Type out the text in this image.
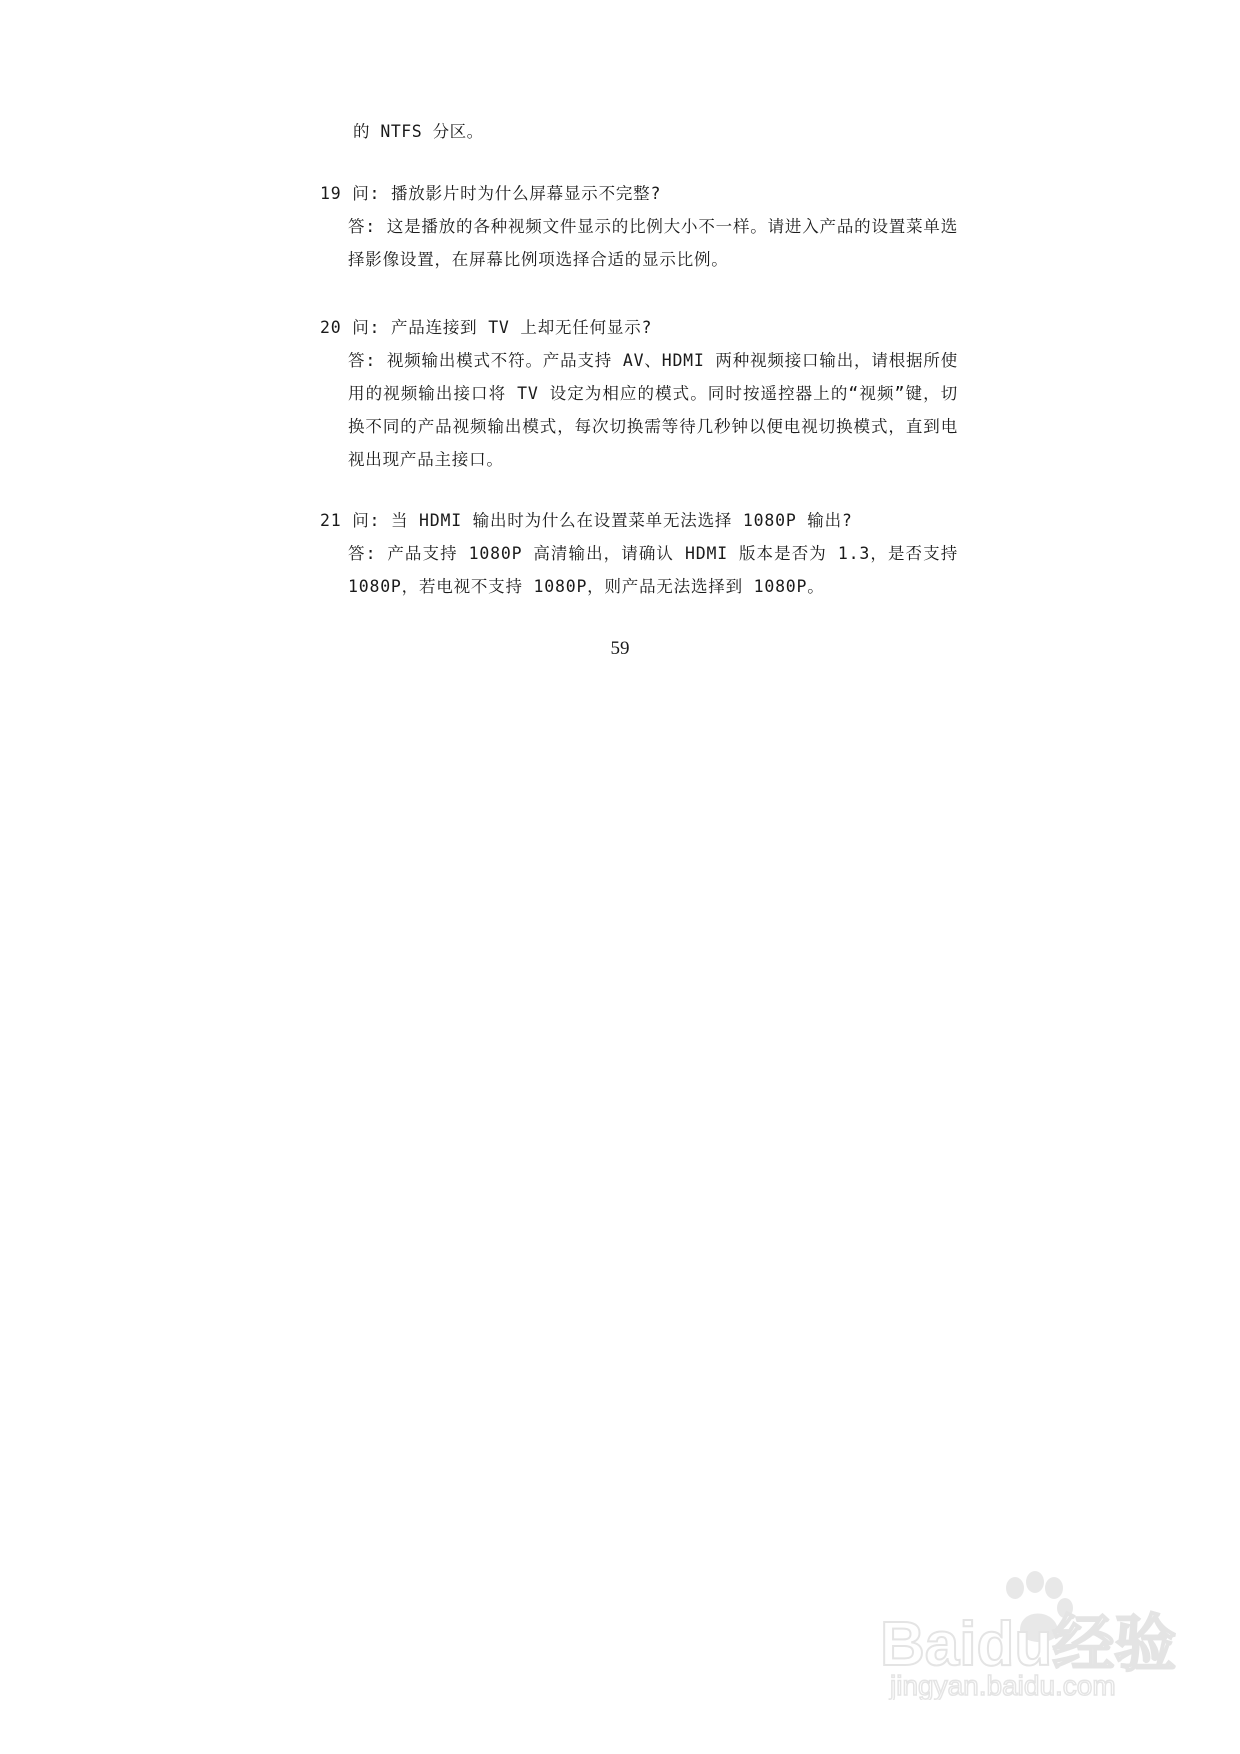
的 NTFS 分区。
19 问: 播放影片时为什么屏幕显示不完整?
答: 这是播放的各种视频文件显示的比例大小不一样。请进入产品的设置菜单选择影像设置，在屏幕比例项选择合适的显示比例。
20 问: 产品连接到 TV 上却无任何显示?
答: 视频输出模式不符。产品支持 AV、HDMI 两种视频接口输出，请根据所使用的视频输出接口将 TV 设定为相应的模式。同时按遥控器上的“视频”键，切换不同的产品视频输出模式，每次切换需等待几秒钟以便电视切换模式，直到电视出现产品主接口。
21 问: 当 HDMI 输出时为什么在设置菜单无法选择 1080P 输出?
答: 产品支持 1080P 高清输出，请确认 HDMI 版本是否为 1.3，是否支持 1080P，若电视不支持 1080P，则产品无法选择到 1080P。
59
Baidu经验
jingyan.baidu.com
